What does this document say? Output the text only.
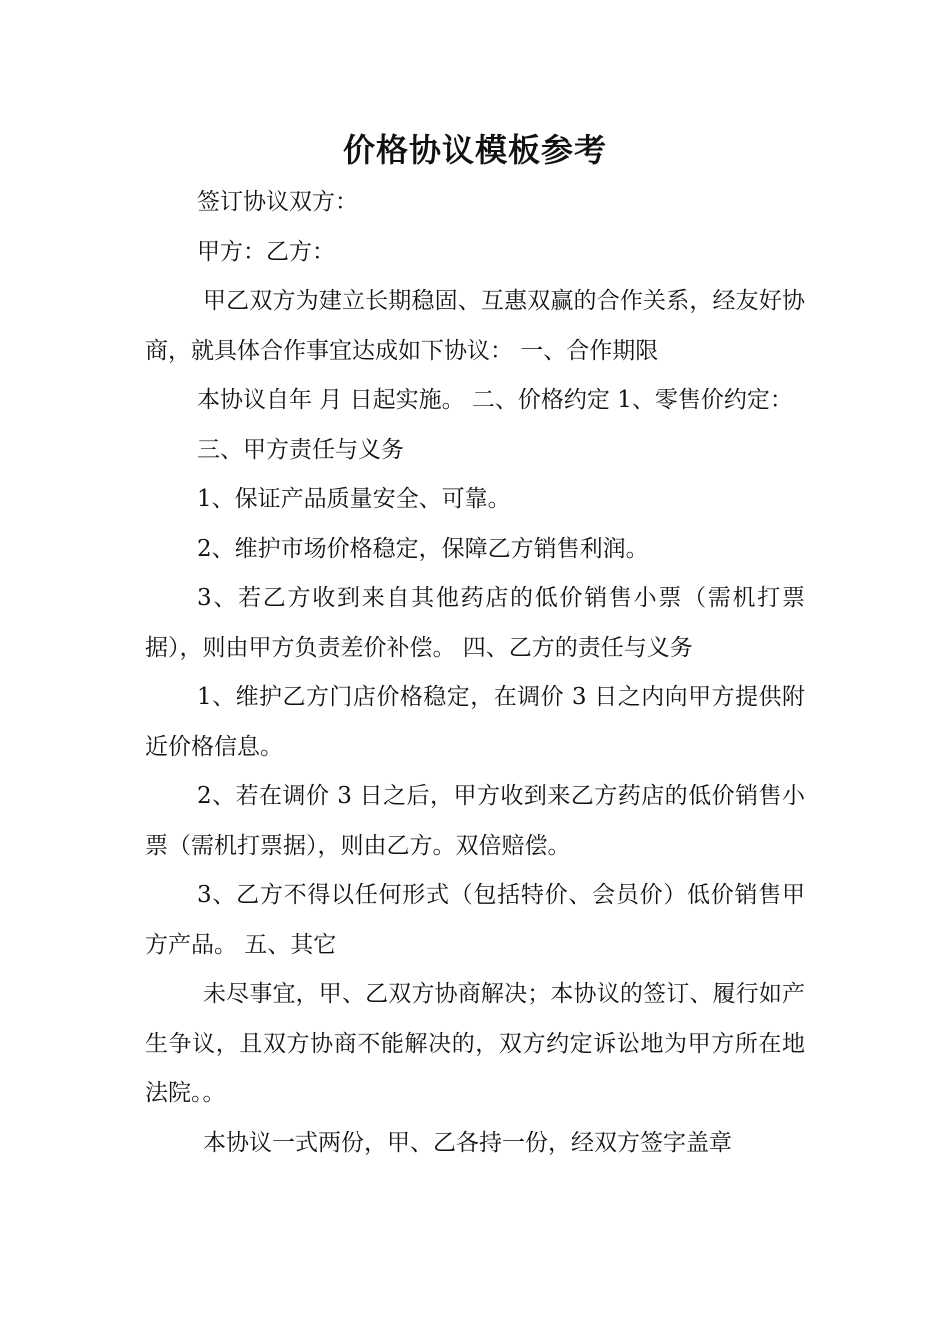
价格协议模板参考

签订协议双方：

甲方：乙方：

甲乙双方为建立长期稳固、互惠双赢的合作关系，经友好协商，就具体合作事宜达成如下协议： 一、合作期限

本协议自年 月 日起实施。 二、价格约定 1、零售价约定：

三、甲方责任与义务

1、保证产品质量安全、可靠。

2、维护市场价格稳定，保障乙方销售利润。

3、若乙方收到来自其他药店的低价销售小票（需机打票据），则由甲方负责差价补偿。 四、乙方的责任与义务

1、维护乙方门店价格稳定，在调价 3 日之内向甲方提供附近价格信息。

2、若在调价 3 日之后，甲方收到来乙方药店的低价销售小票（需机打票据），则由乙方。双倍赔偿。

3、乙方不得以任何形式（包括特价、会员价）低价销售甲方产品。 五、其它

未尽事宜，甲、乙双方协商解决；本协议的签订、履行如产生争议，且双方协商不能解决的，双方约定诉讼地为甲方所在地法院。。

本协议一式两份，甲、乙各持一份，经双方签字盖章
